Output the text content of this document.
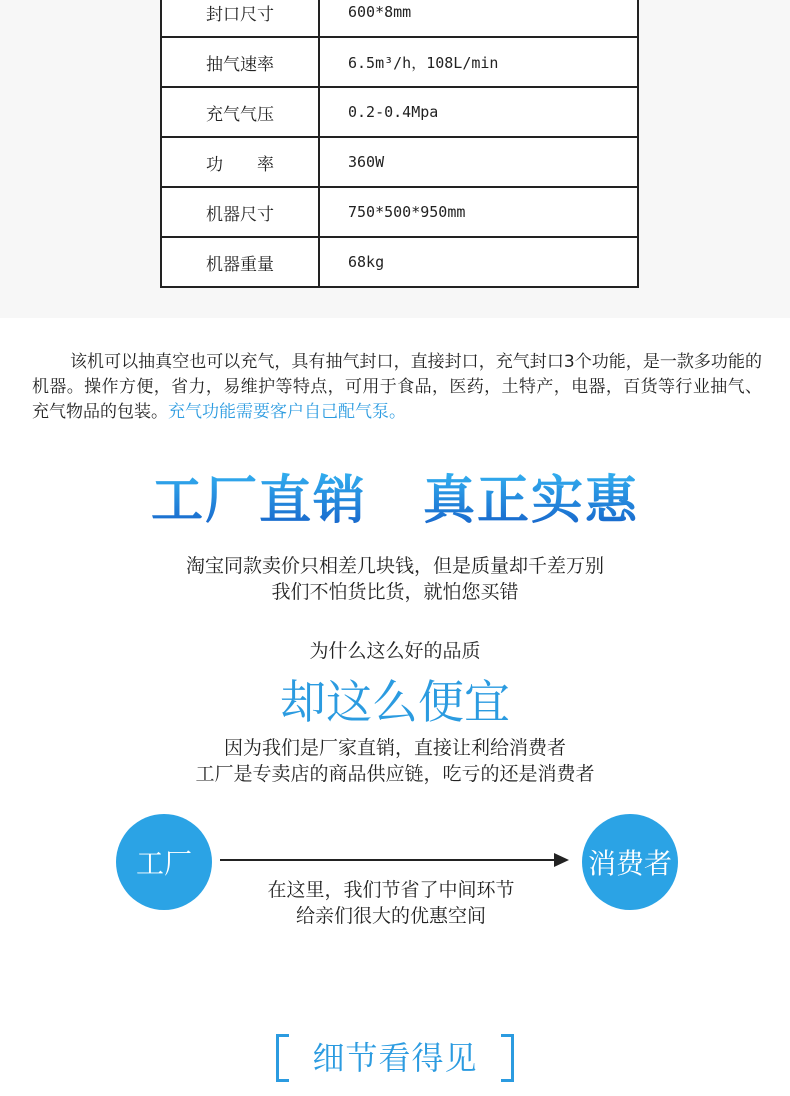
封口尺寸	600*8mm
抽气速率	6.5m³/h，108L/min
充气气压	0.2-0.4Mpa
功　　率	360W
机器尺寸	750*500*950mm
机器重量	68kg
该机可以抽真空也可以充气，具有抽气封口，直接封口，充气封口3个功能，是一款多功能的机器。操作方便，省力，易维护等特点，可用于食品，医药，土特产，电器，百货等行业抽气、充气物品的包装。充气功能需要客户自己配气泵。
工厂直销 真正实惠
淘宝同款卖价只相差几块钱，但是质量却千差万别
我们不怕货比货，就怕您买错
为什么这么好的品质
却这么便宜
因为我们是厂家直销，直接让利给消费者
工厂是专卖店的商品供应链，吃亏的还是消费者
工厂	消费者
在这里，我们节省了中间环节
给亲们很大的优惠空间
细节看得见
